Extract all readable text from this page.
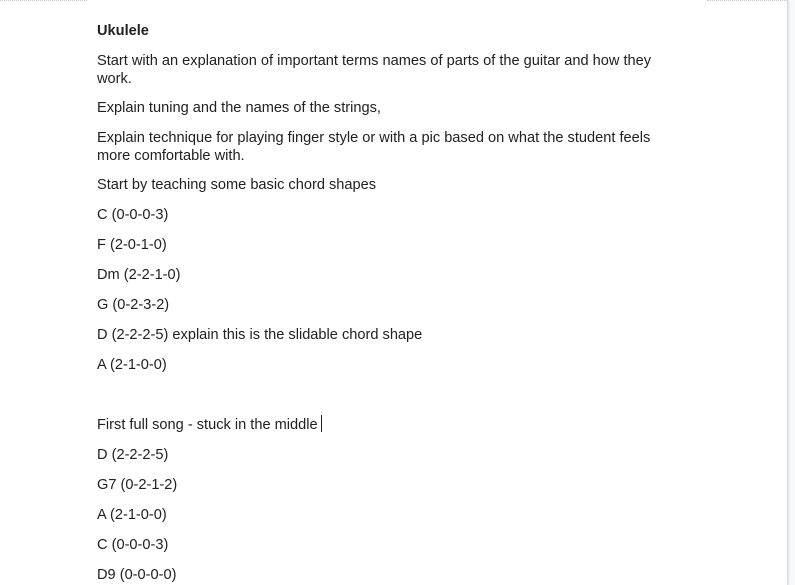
Ukulele

Start with an explanation of important terms names of parts of the guitar and how they work.

Explain tuning and the names of the strings,

Explain technique for playing finger style or with a pic based on what the student feels more comfortable with.

Start by teaching some basic chord shapes

C (0-0-0-3)

F (2-0-1-0)

Dm (2-2-1-0)

G (0-2-3-2)

D (2-2-2-5) explain this is the slidable chord shape

A (2-1-0-0)

First full song - stuck in the middle

D (2-2-2-5)

G7 (0-2-1-2)

A (2-1-0-0)

C (0-0-0-3)

D9 (0-0-0-0)
